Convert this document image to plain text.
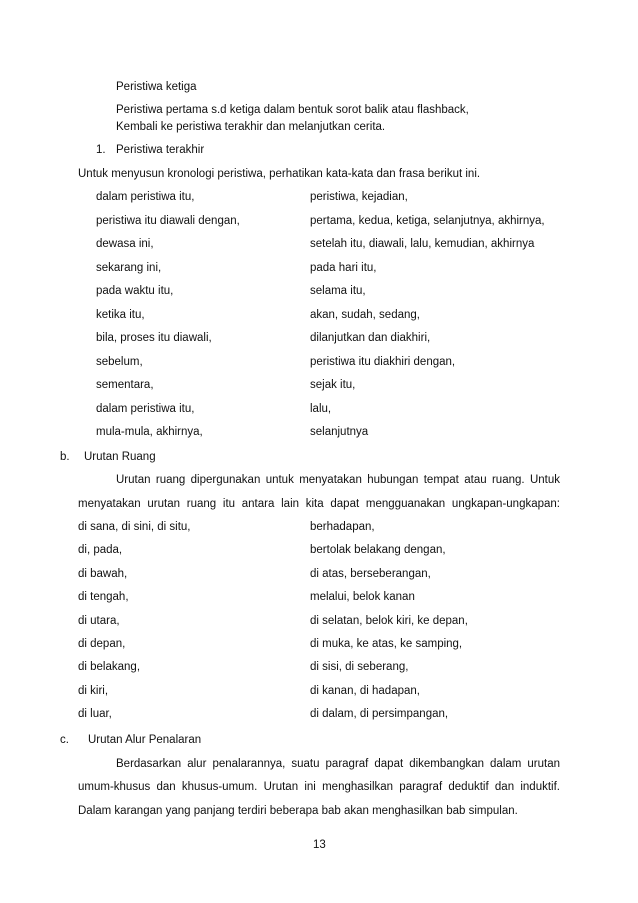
Peristiwa ketiga
Peristiwa pertama s.d ketiga dalam bentuk sorot balik atau flashback,
Kembali ke peristiwa terakhir dan melanjutkan cerita.
1. Peristiwa terakhir
Untuk menyusun kronologi peristiwa, perhatikan kata-kata dan frasa berikut ini.
dalam peristiwa itu,	peristiwa, kejadian,
peristiwa itu diawali dengan,	pertama, kedua, ketiga, selanjutnya, akhirnya,
dewasa ini,	setelah itu, diawali, lalu, kemudian, akhirnya
sekarang ini,	pada hari itu,
pada waktu itu,	selama itu,
ketika itu,	akan, sudah, sedang,
bila, proses itu diawali,	dilanjutkan dan diakhiri,
sebelum,	peristiwa itu diakhiri dengan,
sementara,	sejak itu,
dalam peristiwa itu,	lalu,
mula-mula, akhirnya,	selanjutnya
b. Urutan Ruang
Urutan ruang dipergunakan untuk menyatakan hubungan tempat atau ruang. Untuk
menyatakan urutan ruang itu antara lain kita dapat mengguanakan ungkapan-ungkapan:
di sana, di sini, di situ,	berhadapan,
di, pada,	bertolak belakang dengan,
di bawah,	di atas, berseberangan,
di tengah,	melalui, belok kanan
di utara,	di selatan, belok kiri, ke depan,
di depan,	di muka, ke atas, ke samping,
di belakang,	di sisi, di seberang,
di kiri,	di kanan, di hadapan,
di luar,	di dalam, di persimpangan,
c. Urutan Alur Penalaran
Berdasarkan alur penalarannya, suatu paragraf dapat dikembangkan dalam urutan
umum-khusus dan khusus-umum. Urutan ini menghasilkan paragraf deduktif dan induktif.
Dalam karangan yang panjang terdiri beberapa bab akan menghasilkan bab simpulan.
13
